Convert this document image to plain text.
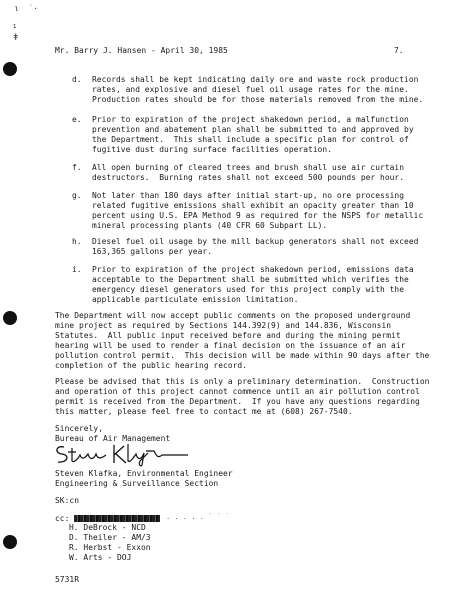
ι  ˙·
¹
ǂ
Mr. Barry J. Hansen - April 30, 1985	7.
d. Records shall be kept indicating daily ore and waste rock production
rates, and explosive and diesel fuel oil usage rates for the mine.
Production rates should be for those materials removed from the mine.
e. Prior to expiration of the project shakedown period, a malfunction
prevention and abatement plan shall be submitted to and approved by
the Department.  This shall include a specific plan for control of
fugitive dust during surface facilities operation.
f. All open burning of cleared trees and brush shall use air curtain
destructors.  Burning rates shall not exceed 500 pounds per hour.
g. Not later than 180 days after initial start-up, no ore processing
related fugitive emissions shall exhibit an opacity greater than 10
percent using U.S. EPA Method 9 as required for the NSPS for metallic
mineral processing plants (40 CFR 60 Subpart LL).
h. Diesel fuel oil usage by the mill backup generators shall not exceed
163,365 gallons per year.
i. Prior to expiration of the project shakedown period, emissions data
acceptable to the Department shall be submitted which verifies the
emergency diesel generators used for this project comply with the
applicable particulate emission limitation.
The Department will now accept public comments on the proposed underground
mine project as required by Sections 144.392(9) and 144.836, Wisconsin
Statutes.  All public input received before and during the mining permit
hearing will be used to render a final decision on the issuance of an air
pollution control permit.  This decision will be made within 90 days after the
completion of the public hearing record.
Please be advised that this is only a preliminary determination.  Construction
and operation of this project cannot commence until an air pollution control
permit is received from the Department.  If you have any questions regarding
this matter, please feel free to contact me at (608) 267-7540.
Sincerely,
Bureau of Air Management
Steven Klafka, Environmental Engineer
Engineering & Surveillance Section
SK:cn
cc:	. . . . . ˙ ˙ ˙
H. DeBrock - NCD
D. Theiler - AM/3
R. Herbst - Exxon
W. Arts - DOJ
5731R
